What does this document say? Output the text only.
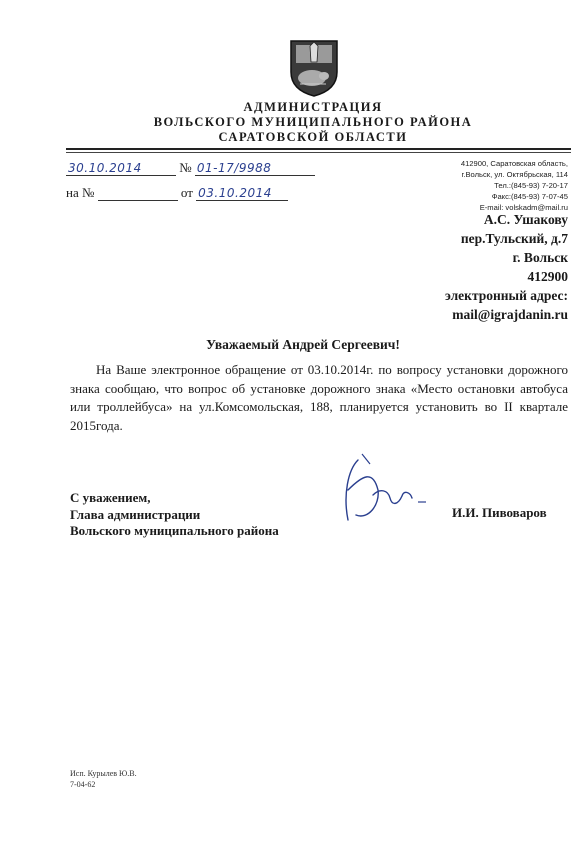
АДМИНИСТРАЦИЯ
ВОЛЬСКОГО МУНИЦИПАЛЬНОГО РАЙОНА
САРАТОВСКОЙ ОБЛАСТИ
30.10.2014	№ 01-17/9988
на №	от 03.10.2014
412900, Саратовская область,
г.Вольск, ул. Октябрьская, 114
Тел.:(845-93) 7-20-17
Факс:(845-93) 7-07-45
E-mail: volskadm@mail.ru
А.С. Ушакову
пер.Тульский, д.7
г. Вольск
412900
электронный адрес:
mail@igrajdanin.ru
Уважаемый Андрей Сергеевич!
На Ваше электронное обращение от 03.10.2014г. по вопросу установки дорожного знака сообщаю, что вопрос об установке дорожного знака «Место остановки автобуса или троллейбуса» на ул.Комсомольская, 188, планируется установить во II квартале 2015года.
С уважением,
Глава администрации
Вольского муниципального района
И.И. Пивоваров
Исп. Курылев Ю.В.
7-04-62
